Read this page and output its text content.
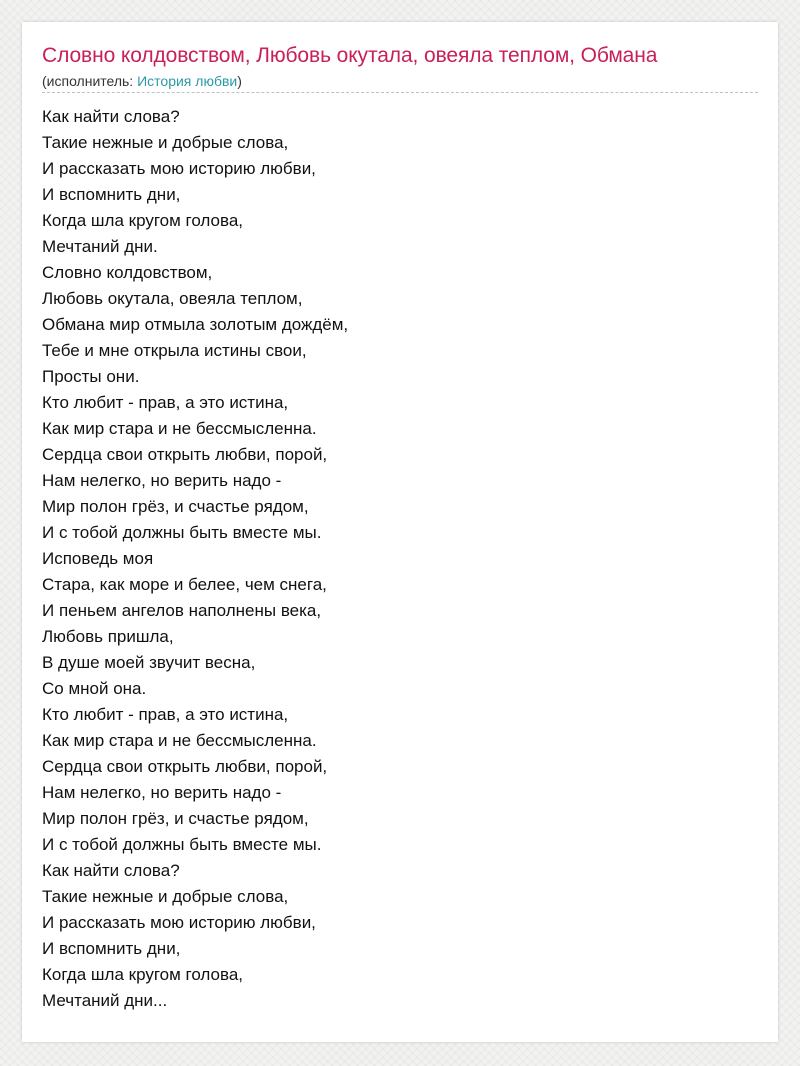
Словно колдовством, Любовь окутала, овеяла теплом, Обмана
(исполнитель: История любви)
Как найти слова?
Такие нежные и добрые слова,
И рассказать мою историю любви,
И вспомнить дни,
Когда шла кругом голова,
Мечтаний дни.
Словно колдовством,
Любовь окутала, овеяла теплом,
Обмана мир отмыла золотым дождём,
Тебе и мне открыла истины свои,
Просты они.
Кто любит - прав, а это истина,
Как мир стара и не бессмысленна.
Сердца свои открыть любви, порой,
Нам нелегко, но верить надо -
Мир полон грёз, и счастье рядом,
И с тобой должны быть вместе мы.
Исповедь моя
Стара, как море и белее, чем снега,
И пеньем ангелов наполнены века,
Любовь пришла,
В душе моей звучит весна,
Со мной она.
Кто любит - прав, а это истина,
Как мир стара и не бессмысленна.
Сердца свои открыть любви, порой,
Нам нелегко, но верить надо -
Мир полон грёз, и счастье рядом,
И с тобой должны быть вместе мы.
Как найти слова?
Такие нежные и добрые слова,
И рассказать мою историю любви,
И вспомнить дни,
Когда шла кругом голова,
Мечтаний дни...
